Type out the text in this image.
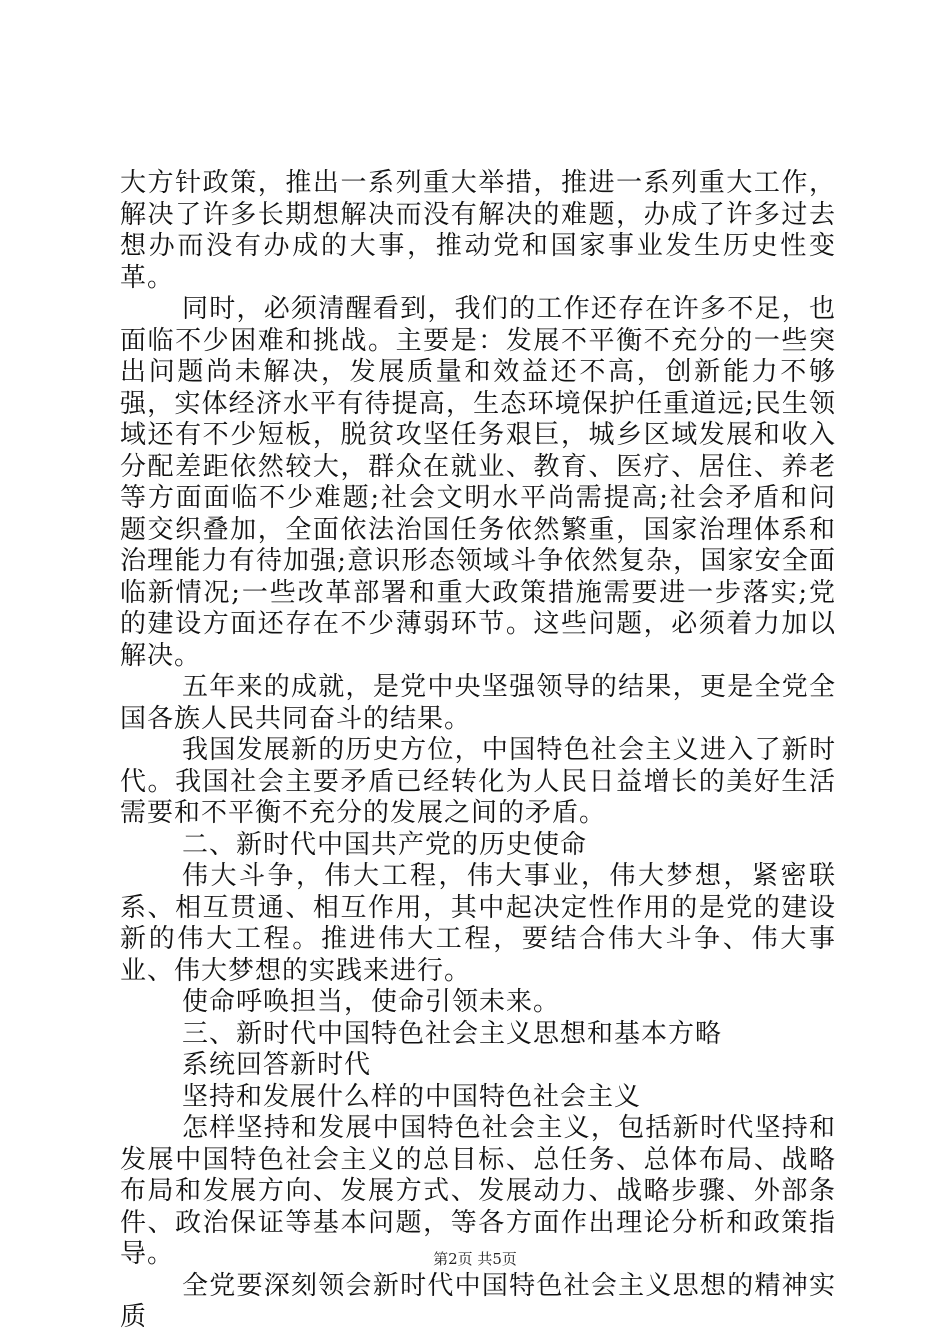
大方针政策，推出一系列重大举措，推进一系列重大工作，解决了许多长期想解决而没有解决的难题，办成了许多过去想办而没有办成的大事，推动党和国家事业发生历史性变革。

同时，必须清醒看到，我们的工作还存在许多不足，也面临不少困难和挑战。主要是：发展不平衡不充分的一些突出问题尚未解决，发展质量和效益还不高，创新能力不够强，实体经济水平有待提高，生态环境保护任重道远;民生领域还有不少短板，脱贫攻坚任务艰巨，城乡区域发展和收入分配差距依然较大，群众在就业、教育、医疗、居住、养老等方面面临不少难题;社会文明水平尚需提高;社会矛盾和问题交织叠加，全面依法治国任务依然繁重，国家治理体系和治理能力有待加强;意识形态领域斗争依然复杂，国家安全面临新情况;一些改革部署和重大政策措施需要进一步落实;党的建设方面还存在不少薄弱环节。这些问题，必须着力加以解决。

五年来的成就，是党中央坚强领导的结果，更是全党全国各族人民共同奋斗的结果。

我国发展新的历史方位，中国特色社会主义进入了新时代。我国社会主要矛盾已经转化为人民日益增长的美好生活需要和不平衡不充分的发展之间的矛盾。

二、新时代中国共产党的历史使命

伟大斗争，伟大工程，伟大事业，伟大梦想，紧密联系、相互贯通、相互作用，其中起决定性作用的是党的建设新的伟大工程。推进伟大工程，要结合伟大斗争、伟大事业、伟大梦想的实践来进行。

使命呼唤担当，使命引领未来。

三、新时代中国特色社会主义思想和基本方略

系统回答新时代

坚持和发展什么样的中国特色社会主义

怎样坚持和发展中国特色社会主义，包括新时代坚持和发展中国特色社会主义的总目标、总任务、总体布局、战略布局和发展方向、发展方式、发展动力、战略步骤、外部条件、政治保证等基本问题，等各方面作出理论分析和政策指导。

全党要深刻领会新时代中国特色社会主义思想的精神实质

第2页 共5页
